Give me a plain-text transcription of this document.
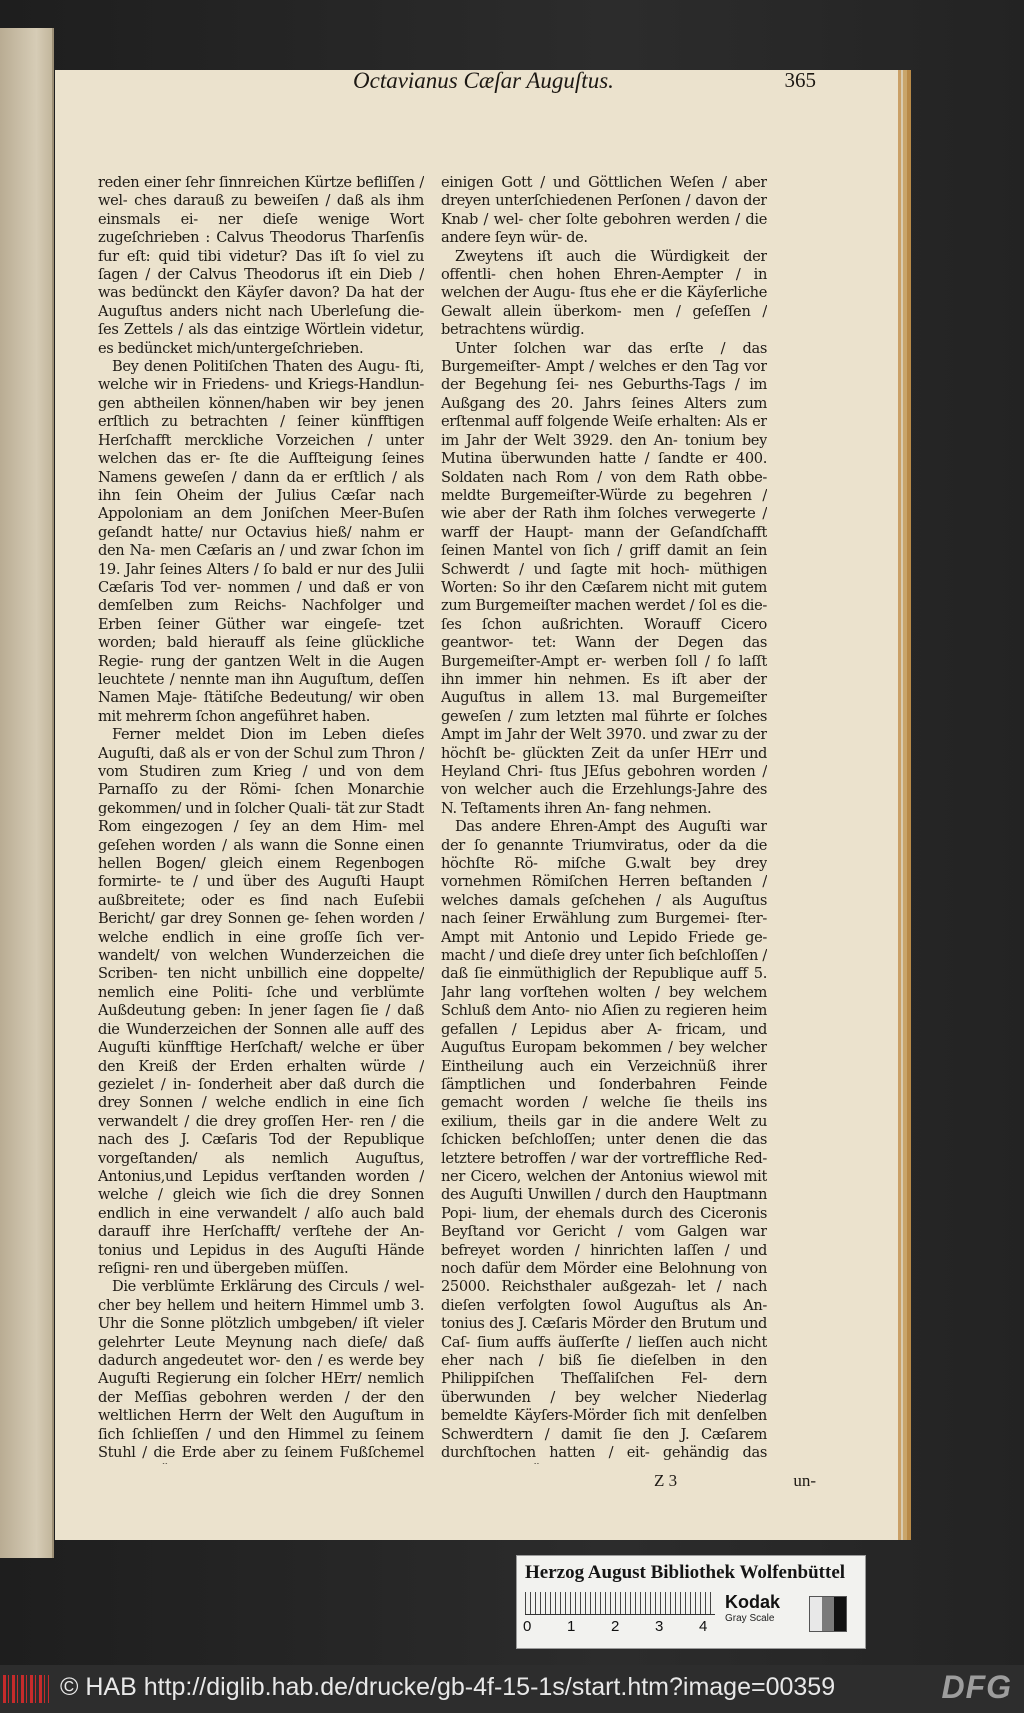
Octavianus Cæſar Auguſtus.	365

reden einer ſehr ſinnreichen Kürtze befliſſen / wel- ches darauß zu beweiſen / daß als ihm einsmals ei- ner dieſe wenige Wort zugeſchrieben : Calvus Theodorus Tharſenſis fur eſt: quid tibi videtur? Das iſt ſo viel zu ſagen / der Calvus Theodorus iſt ein Dieb / was bedünckt den Käyſer davon? Da hat der Auguſtus anders nicht nach Uberleſung die- ſes Zettels / als das eintzige Wörtlein videtur, es bedüncket mich/untergeſchrieben.

Bey denen Politiſchen Thaten des Augu- ſti, welche wir in Friedens- und Kriegs-Handlun- gen abtheilen können/haben wir bey jenen erſtlich zu betrachten / ſeiner künfftigen Herſchafft merckliche Vorzeichen / unter welchen das er- ſte die Aufſteigung ſeines Namens geweſen / dann da er erſtlich / als ihn ſein Oheim der Julius Cæſar nach Appoloniam an dem Joniſchen Meer-Buſen geſandt hatte/ nur Octavius hieß/ nahm er den Na- men Cæſaris an / und zwar ſchon im 19. Jahr ſeines Alters / ſo bald er nur des Julii Cæſaris Tod ver- nommen / und daß er von demſelben zum Reichs- Nachfolger und Erben ſeiner Güther war eingeſe- tzet worden; bald hierauff als ſeine glückliche Regie- rung der gantzen Welt in die Augen leuchtete / nennte man ihn Auguſtum, deſſen Namen Maje- ſtätiſche Bedeutung/ wir oben mit mehrerm ſchon angeführet haben.

Ferner meldet Dion im Leben dieſes Auguſti, daß als er von der Schul zum Thron / vom Studiren zum Krieg / und von dem Parnaſſo zu der Römi- ſchen Monarchie gekommen/ und in ſolcher Quali- tät zur Stadt Rom eingezogen / ſey an dem Him- mel geſehen worden / als wann die Sonne einen hellen Bogen/ gleich einem Regenbogen formirte- te / und über des Auguſti Haupt außbreitete; oder es ſind nach Euſebii Bericht/ gar drey Sonnen ge- ſehen worden / welche endlich in eine groſſe ſich ver- wandelt/ von welchen Wunderzeichen die Scriben- ten nicht unbillich eine doppelte/ nemlich eine Politi- ſche und verblümte Außdeutung geben: In jener ſagen ſie / daß die Wunderzeichen der Sonnen alle auff des Auguſti künfftige Herſchaft/ welche er über den Kreiß der Erden erhalten würde / gezielet / in- ſonderheit aber daß durch die drey Sonnen / welche endlich in eine ſich verwandelt / die drey groſſen Her- ren / die nach des J. Cæſaris Tod der Republique vorgeſtanden/ als nemlich Auguſtus, Antonius,und Lepidus verſtanden worden / welche / gleich wie ſich die drey Sonnen endlich in eine verwandelt / alſo auch bald darauff ihre Herſchafft/ verſtehe der An- tonius und Lepidus in des Auguſti Hände reſigni- ren und übergeben müſſen.

Die verblümte Erklärung des Circuls / wel- cher bey hellem und heitern Himmel umb 3. Uhr die Sonne plötzlich umbgeben/ iſt vieler gelehrter Leute Meynung nach dieſe/ daß dadurch angedeutet wor- den / es werde bey Auguſti Regierung ein ſolcher HErr/ nemlich der Meſſias gebohren werden / der den weltlichen Herrn der Welt den Auguſtum in ſich ſchlieſſen / und den Himmel zu ſeinem Stuhl / die Erde aber zu ſeinem Fußſchemel

einigen Gott / und Göttlichen Weſen / aber dreyen unterſchiedenen Perſonen / davon der Knab / wel- cher ſolte gebohren werden / die andere ſeyn wür- de.

Zweytens iſt auch die Würdigkeit der offentli- chen hohen Ehren-Aempter / in welchen der Augu- ſtus ehe er die Käyſerliche Gewalt allein überkom- men / geſeſſen / betrachtens würdig.

Unter ſolchen war das erſte / das Burgemeiſter- Ampt / welches er den Tag vor der Begehung ſei- nes Geburths-Tags / im Außgang des 20. Jahrs ſeines Alters zum erſtenmal auff folgende Weiſe erhalten: Als er im Jahr der Welt 3929. den An- tonium bey Mutina überwunden hatte / ſandte er 400. Soldaten nach Rom / von dem Rath obbe- meldte Burgemeiſter-Würde zu begehren / wie aber der Rath ihm ſolches verwegerte / warff der Haupt- mann der Geſandſchafft ſeinen Mantel von ſich / griff damit an ſein Schwerdt / und ſagte mit hoch- müthigen Worten: So ihr den Cæſarem nicht mit gutem zum Burgemeiſter machen werdet / ſol es die- ſes ſchon außrichten. Worauff Cicero geantwor- tet: Wann der Degen das Burgemeiſter-Ampt er- werben ſoll / ſo laſſt ihn immer hin nehmen. Es iſt aber der Auguſtus in allem 13. mal Burgemeiſter geweſen / zum letzten mal führte er ſolches Ampt im Jahr der Welt 3970. und zwar zu der höchſt be- glückten Zeit da unſer HErr und Heyland Chri- ſtus JEſus gebohren worden / von welcher auch die Erzehlungs-Jahre des N. Teſtaments ihren An- fang nehmen.

Das andere Ehren-Ampt des Auguſti war der ſo genannte Triumviratus, oder da die höchſte Rö- miſche G.walt bey drey vornehmen Römiſchen Herren beſtanden / welches damals geſchehen / als Auguſtus nach ſeiner Erwählung zum Burgemei- ſter-Ampt mit Antonio und Lepido Friede ge- macht / und dieſe drey unter ſich beſchloſſen / daß ſie einmüthiglich der Republique auff 5. Jahr lang vorſtehen wolten / bey welchem Schluß dem Anto- nio Aſien zu regieren heim gefallen / Lepidus aber A- fricam, und Auguſtus Europam bekommen / bey welcher Eintheilung auch ein Verzeichnüß ihrer ſämptlichen und ſonderbahren Feinde gemacht worden / welche ſie theils ins exilium, theils gar in die andere Welt zu ſchicken beſchloſſen; unter denen die das letztere betroffen / war der vortreffliche Red- ner Cicero, welchen der Antonius wiewol mit des Auguſti Unwillen / durch den Hauptmann Popi- lium, der ehemals durch des Ciceronis Beyſtand vor Gericht / vom Galgen war befreyet worden / hinrichten laſſen / und noch dafür dem Mörder eine Belohnung von 25000. Reichsthaler außgezah- let / nach dieſen verfolgten ſowol Auguſtus als An- tonius des J. Cæſaris Mörder den Brutum und Caſ- ſium auffs äuſſerſte / lieſſen auch nicht eher nach / biß ſie dieſelben in den Philippiſchen Theſſaliſchen Fel- dern überwunden / bey welcher Niederlag bemeldte Käyſers-Mörder ſich mit denſelben Schwerdtern / damit ſie den J. Cæſarem durchſtochen hatten / eit- gehändig das

Z 3	un-
Herzog August Bibliothek Wolfenbüttel
0 1 2 3 4
Kodak
Gray Scale
© HAB http://diglib.hab.de/drucke/gb-4f-15-1s/start.htm?image=00359	DFG
